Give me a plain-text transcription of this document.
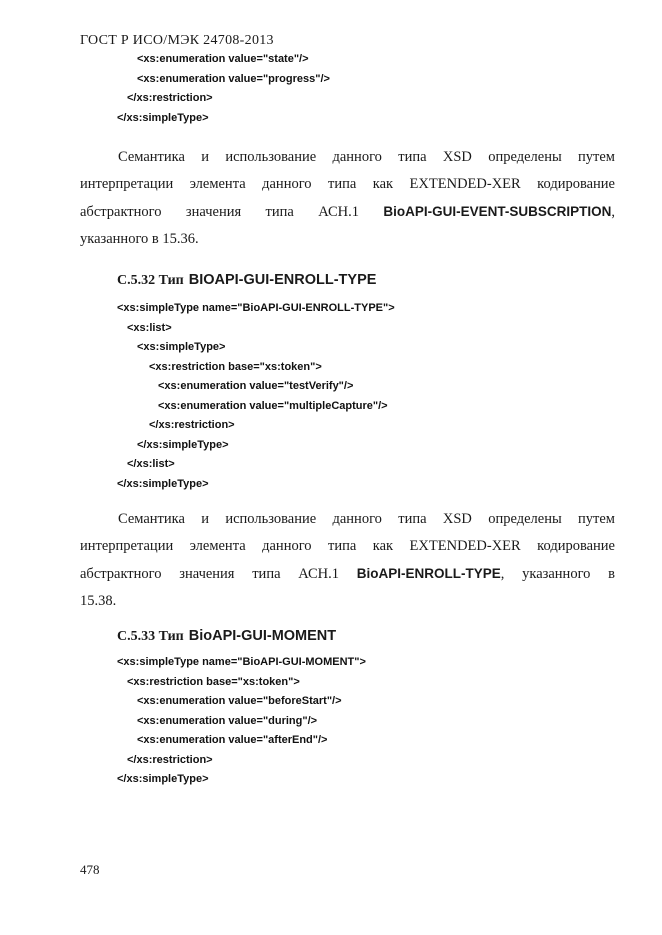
ГОСТ Р ИСО/МЭК 24708-2013
<xs:enumeration value="state"/>
<xs:enumeration value="progress"/>
</xs:restriction>
</xs:simpleType>
Семантика и использование данного типа XSD определены путем
интерпретации элемента данного типа как EXTENDED-XER кодирование
абстрактного значения типа АСН.1 BioAPI-GUI-EVENT-SUBSCRIPTION,
указанного в 15.36.
С.5.32 Тип BIOAPI-GUI-ENROLL-TYPE
<xs:simpleType name="BioAPI-GUI-ENROLL-TYPE">
<xs:list>
<xs:simpleType>
<xs:restriction base="xs:token">
<xs:enumeration value="testVerify"/>
<xs:enumeration value="multipleCapture"/>
</xs:restriction>
</xs:simpleType>
</xs:list>
</xs:simpleType>
Семантика и использование данного типа XSD определены путем
интерпретации элемента данного типа как EXTENDED-XER кодирование
абстрактного значения типа АСН.1 BioAPI-ENROLL-TYPE, указанного в
15.38.
С.5.33 Тип BioAPI-GUI-MOMENT
<xs:simpleType name="BioAPI-GUI-MOMENT">
<xs:restriction base="xs:token">
<xs:enumeration value="beforeStart"/>
<xs:enumeration value="during"/>
<xs:enumeration value="afterEnd"/>
</xs:restriction>
</xs:simpleType>
478
